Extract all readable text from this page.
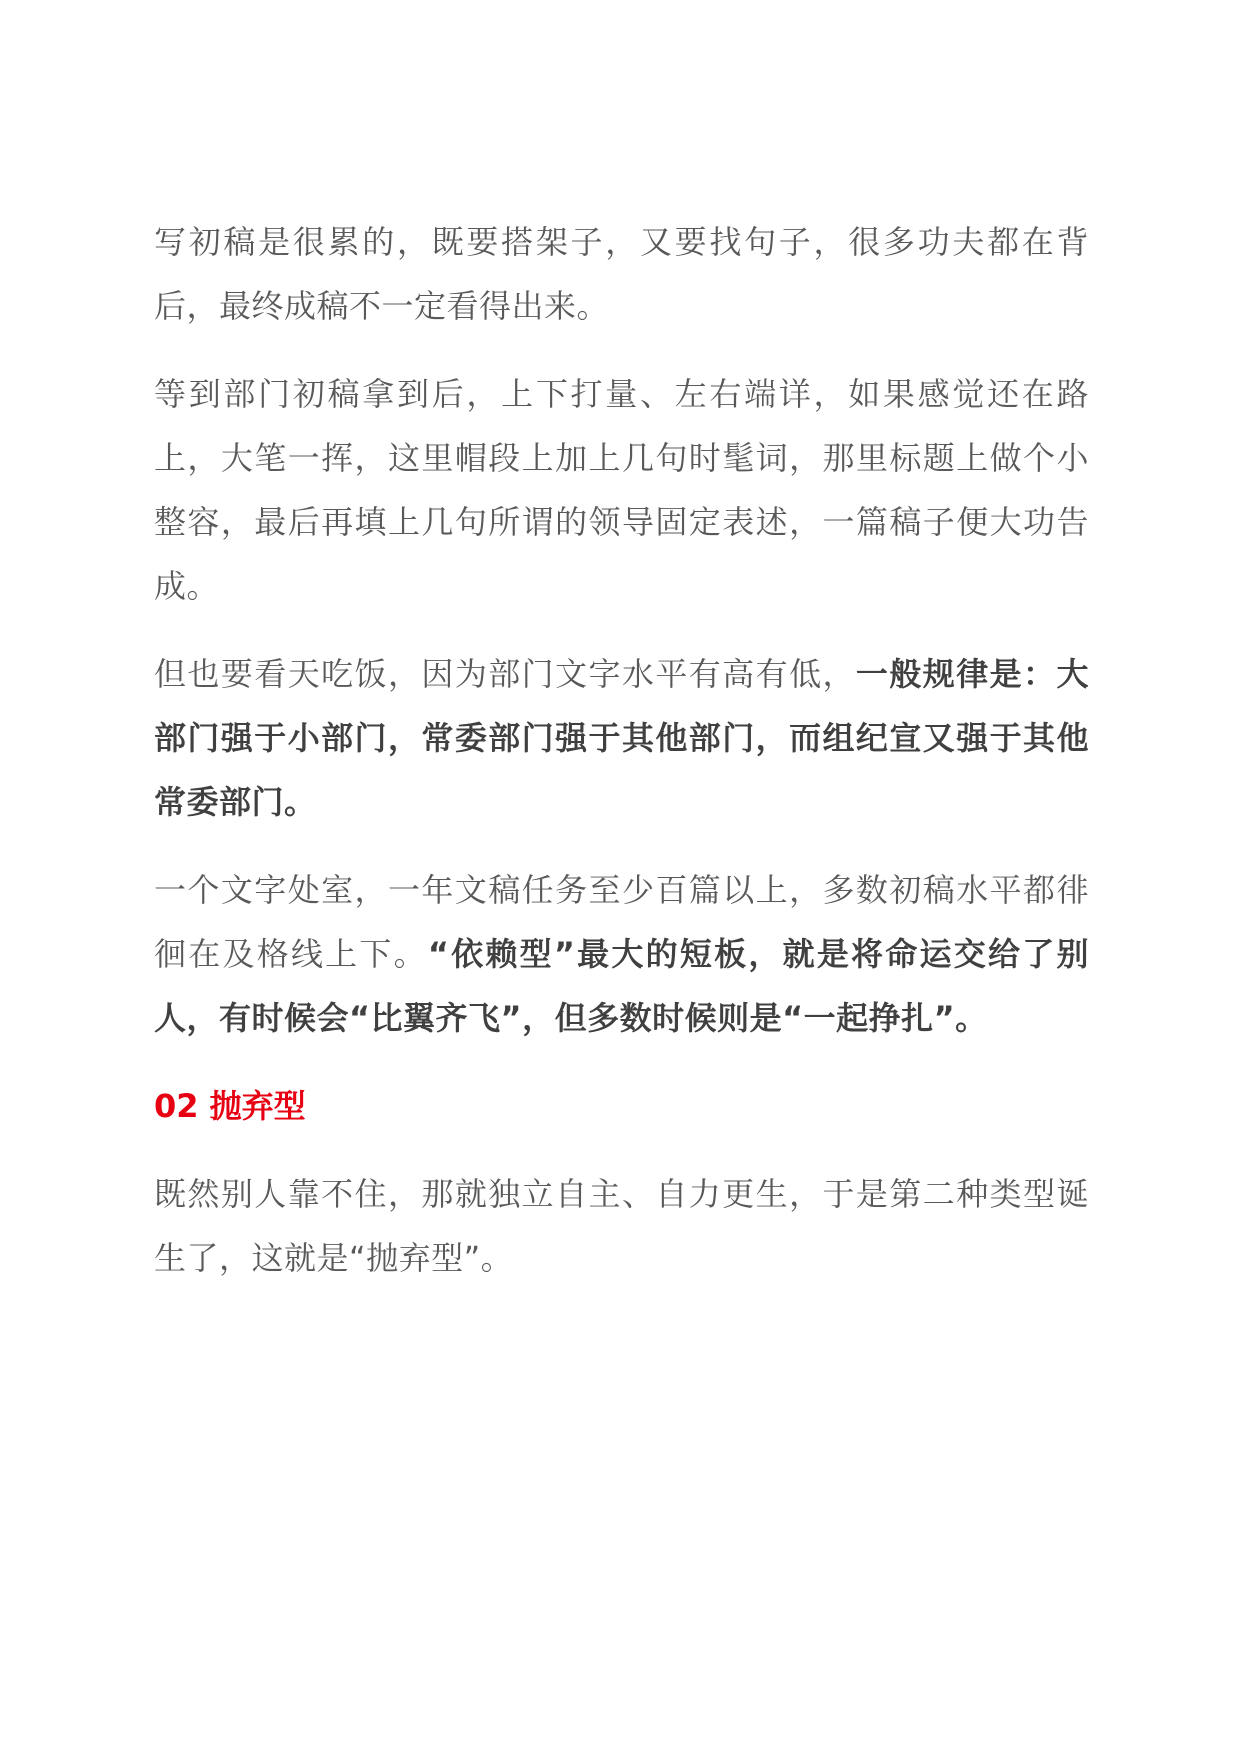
写初稿是很累的，既要搭架子，又要找句子，很多功夫都在背后，最终成稿不一定看得出来。

等到部门初稿拿到后，上下打量、左右端详，如果感觉还在路上，大笔一挥，这里帽段上加上几句时髦词，那里标题上做个小整容，最后再填上几句所谓的领导固定表述，一篇稿子便大功告成。

但也要看天吃饭，因为部门文字水平有高有低，一般规律是：大部门强于小部门，常委部门强于其他部门，而组纪宣又强于其他常委部门。

一个文字处室，一年文稿任务至少百篇以上，多数初稿水平都徘徊在及格线上下。“依赖型”最大的短板，就是将命运交给了别人，有时候会“比翼齐飞”，但多数时候则是“一起挣扎”。

02 抛弃型

既然别人靠不住，那就独立自主、自力更生，于是第二种类型诞生了，这就是“抛弃型”。
